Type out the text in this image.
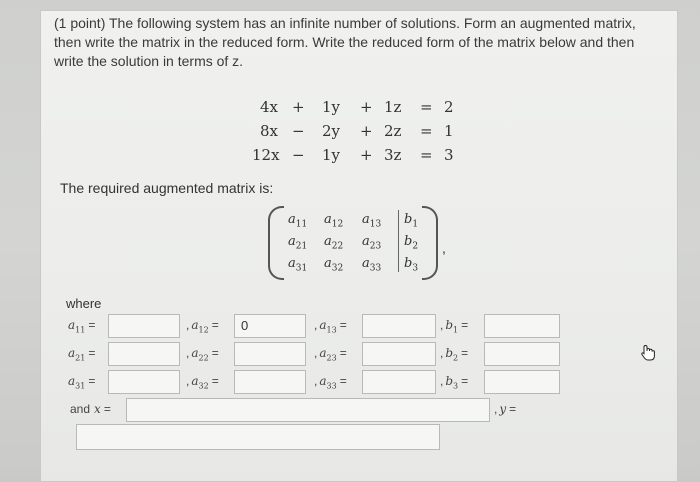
(1 point) The following system has an infinite number of solutions. Form an augmented matrix, then write the matrix in the reduced form. Write the reduced form of the matrix below and then write the solution in terms of z.
4x + 1y + 1z = 2
8x − 2y + 2z = 1
12x − 1y + 3z = 3
The required augmented matrix is:
$a_{11}$ $a_{12}$ $a_{13}$ $b_1$
$a_{21}$ $a_{22}$ $a_{23}$ $b_2$
$a_{31}$ $a_{32}$ $a_{33}$ $b_3$
,
where
$a_{11}$ =	, $a_{12}$ =	0	, $a_{13}$ =	, $b_1$ =
$a_{21}$ =	, $a_{22}$ =	, $a_{23}$ =	, $b_2$ =
$a_{31}$ =	, $a_{32}$ =	, $a_{33}$ =	, $b_3$ =
and x =	, y =
